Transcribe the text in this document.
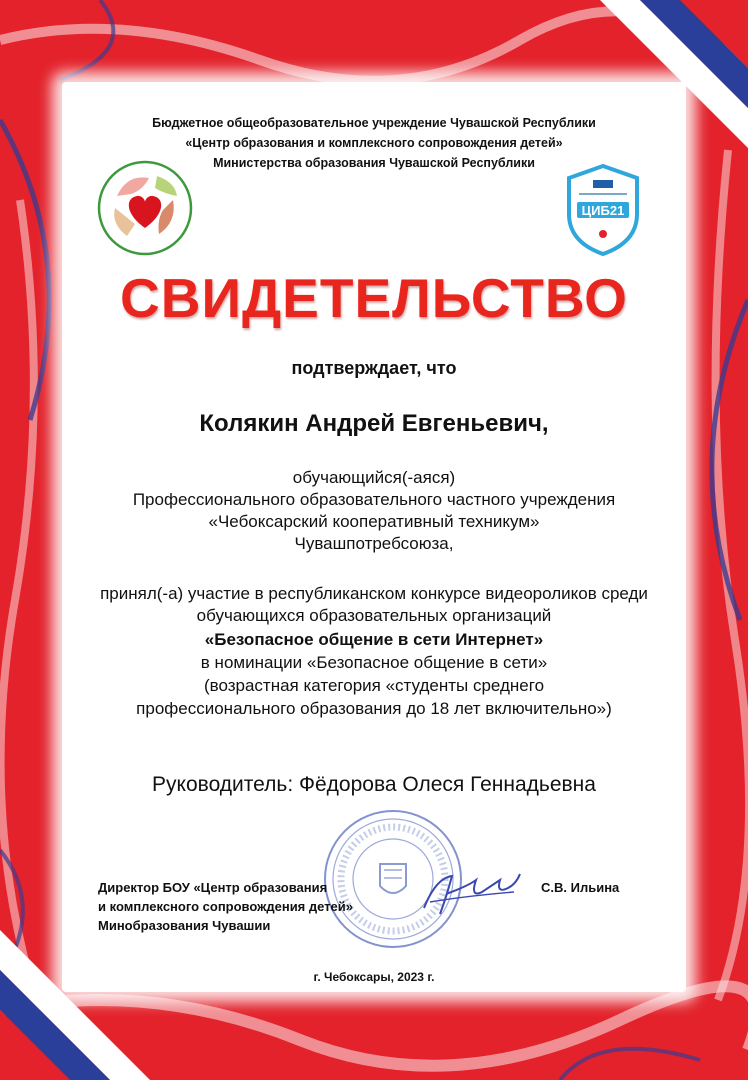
Бюджетное общеобразовательное учреждение Чувашской Республики
«Центр образования и комплексного сопровождения детей»
Министерства образования Чувашской Республики
ЦИБ21
СВИДЕТЕЛЬСТВО
подтверждает, что
Колякин Андрей Евгеньевич,
обучающийся(-аяся)
Профессионального образовательного частного учреждения
«Чебоксарский кооперативный техникум»
Чувашпотребсоюза,
принял(-а) участие в республиканском конкурсе видеороликов среди
обучающихся образовательных организаций
«Безопасное общение в сети Интернет»
в номинации «Безопасное общение в сети»
(возрастная категория «студенты среднего
профессионального образования до 18 лет включительно»)
Руководитель: Фёдорова Олеся Геннадьевна
Директор БОУ «Центр образования
и комплексного сопровождения детей»
Минобразования Чувашии
С.В. Ильина
г. Чебоксары, 2023 г.
